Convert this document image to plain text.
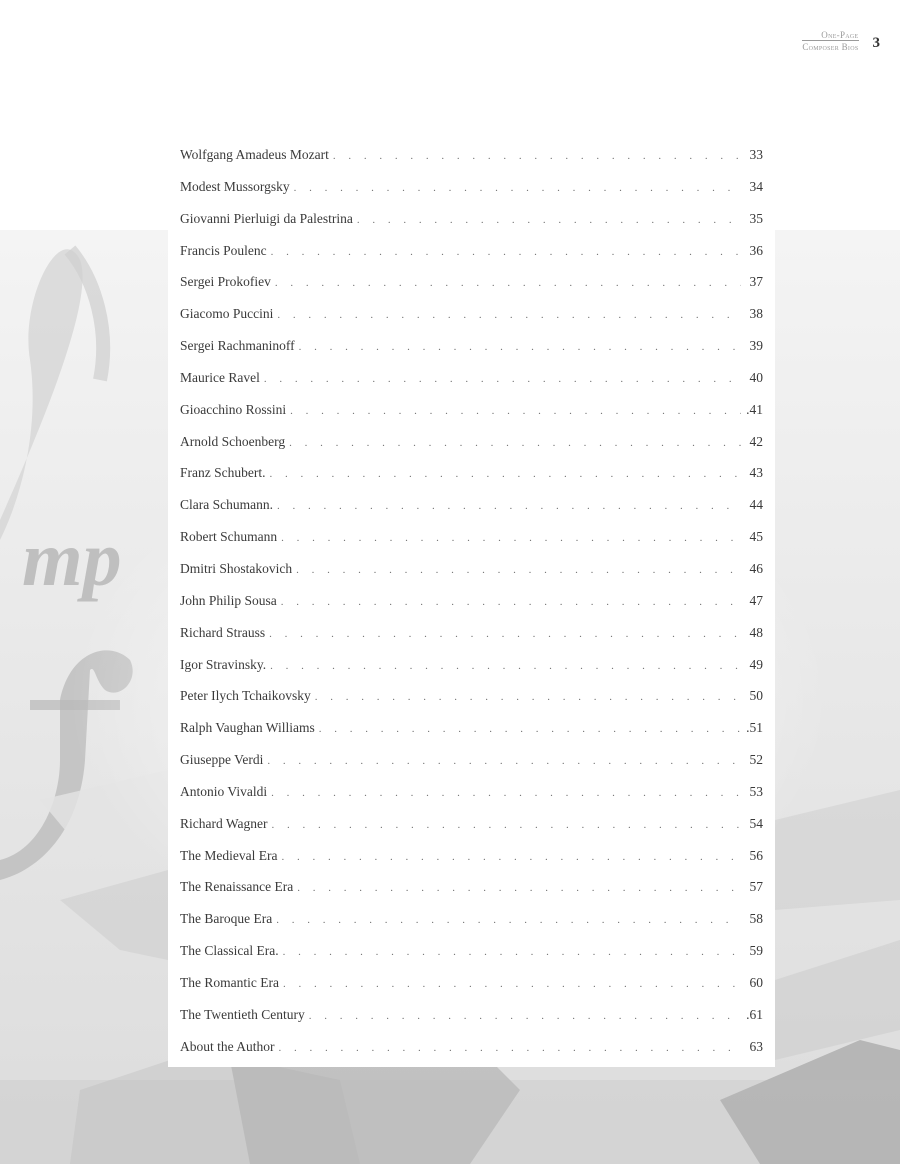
mp
One-Page
Composer Bios 3
Wolfgang Amadeus Mozart . . .	33
Modest Mussorgsky . . .	34
Giovanni Pierluigi da Palestrina . . .	35
Francis Poulenc . . .	36
Sergei Prokofiev . . .	37
Giacomo Puccini . . .	38
Sergei Rachmaninoff . . .	39
Maurice Ravel . . .	40
Gioacchino Rossini . . .	.41
Arnold Schoenberg . . .	42
Franz Schubert. . . .	43
Clara Schumann. . . .	44
Robert Schumann . . .	45
Dmitri Shostakovich . . .	46
John Philip Sousa . . .	47
Richard Strauss . . .	48
Igor Stravinsky. . . .	49
Peter Ilych Tchaikovsky . . .	50
Ralph Vaughan Williams . . .	.51
Giuseppe Verdi . . .	52
Antonio Vivaldi . . .	53
Richard Wagner . . .	54
The Medieval Era . . .	56
The Renaissance Era . . .	57
The Baroque Era . . .	58
The Classical Era. . . .	59
The Romantic Era . . .	60
The Twentieth Century . . .	.61
About the Author . . .	63
